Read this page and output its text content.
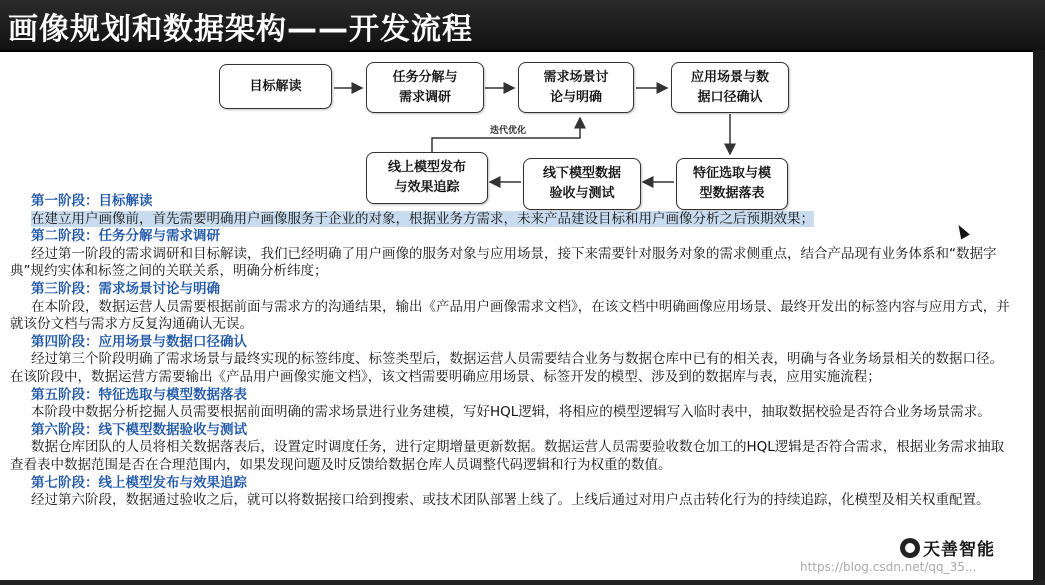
画像规划和数据架构——开发流程
目标解读
任务分解与
需求调研
需求场景讨
论与明确
应用场景与数
据口径确认
特征选取与模
型数据落表
线下模型数据
验收与测试
线上模型发布
与效果追踪
迭代优化

第一阶段：目标解读

在建立用户画像前，首先需要明确用户画像服务于企业的对象，根据业务方需求，未来产品建设目标和用户画像分析之后预期效果；

第二阶段：任务分解与需求调研

经过第一阶段的需求调研和目标解读，我们已经明确了用户画像的服务对象与应用场景，接下来需要针对服务对象的需求侧重点，结合产品现有业务体系和“数据字典”规约实体和标签之间的关联关系，明确分析纬度；

第三阶段：需求场景讨论与明确

在本阶段，数据运营人员需要根据前面与需求方的沟通结果，输出《产品用户画像需求文档》，在该文档中明确画像应用场景、最终开发出的标签内容与应用方式，并就该份文档与需求方反复沟通确认无误。

第四阶段：应用场景与数据口径确认

经过第三个阶段明确了需求场景与最终实现的标签纬度、标签类型后，数据运营人员需要结合业务与数据仓库中已有的相关表，明确与各业务场景相关的数据口径。在该阶段中，数据运营方需要输出《产品用户画像实施文档》，该文档需要明确应用场景、标签开发的模型、涉及到的数据库与表，应用实施流程；

第五阶段：特征选取与模型数据落表

本阶段中数据分析挖掘人员需要根据前面明确的需求场景进行业务建模，写好HQL逻辑，将相应的模型逻辑写入临时表中，抽取数据校验是否符合业务场景需求。

第六阶段：线下模型数据验收与测试

数据仓库团队的人员将相关数据落表后，设置定时调度任务，进行定期增量更新数据。数据运营人员需要验收数仓加工的HQL逻辑是否符合需求，根据业务需求抽取查看表中数据范围是否在合理范围内，如果发现问题及时反馈给数据仓库人员调整代码逻辑和行为权重的数值。

第七阶段：线上模型发布与效果追踪

经过第六阶段，数据通过验收之后，就可以将数据接口给到搜索、或技术团队部署上线了。上线后通过对用户点击转化行为的持续追踪，化模型及相关权重配置。

天善智能
https://blog.csdn.net/qq_35...
